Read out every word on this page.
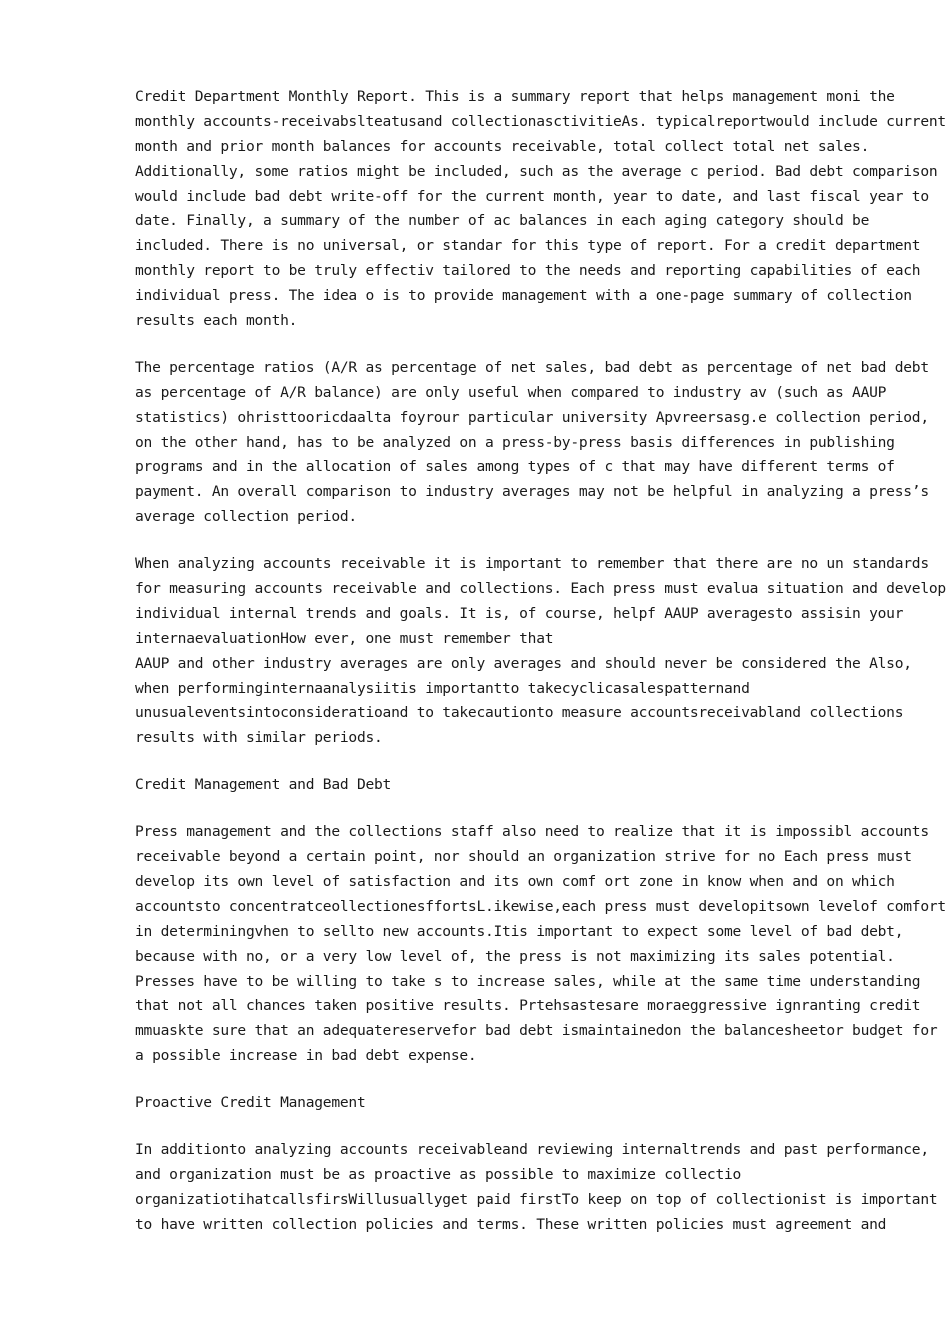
Credit Department Monthly Report. This is a summary report that helps management moni the
monthly accounts-receivabslteatusand collectionasctivitieAs. typicalreportwould include current
month and prior month balances for accounts receivable, total collect total net sales.
Additionally, some ratios might be included, such as the average c period. Bad debt comparison
would include bad debt write-off for the current month, year to date, and last fiscal year to
date. Finally, a summary of the number of ac balances in each aging category should be
included. There is no universal, or standar for this type of report. For a credit department
monthly report to be truly effectiv tailored to the needs and reporting capabilities of each
individual press. The idea o is to provide management with a one-page summary of collection
results each month.
The percentage ratios (A/R as percentage of net sales, bad debt as percentage of net bad debt
as percentage of A/R balance) are only useful when compared to industry av (such as AAUP
statistics) ohristtooricdaalta foyrour particular university Apvreersasg.e collection period,
on the other hand, has to be analyzed on a press-by-press basis differences in publishing
programs and in the allocation of sales among types of c that may have different terms of
payment. An overall comparison to industry averages may not be helpful in analyzing a press’s
average collection period.
When analyzing accounts receivable it is important to remember that there are no un standards
for measuring accounts receivable and collections. Each press must evalua situation and develop
individual internal trends and goals. It is, of course, helpf AAUP averagesto assisin your
internaevaluationHow ever, one must remember that
AAUP and other industry averages are only averages and should never be considered the Also,
when performinginternaanalysiitis importantto takecyclicasalespatternand
unusualeventsintoconsideratioand to takecautionto measure accountsreceivabland collections
results with similar periods.
Credit Management and Bad Debt
Press management and the collections staff also need to realize that it is impossibl accounts
receivable beyond a certain point, nor should an organization strive for no Each press must
develop its own level of satisfaction and its own comf ort zone in know when and on which
accountsto concentratceollectionesffortsL.ikewise,each press must developitsown levelof comfort
in determiningvhen to sellto new accounts.Itis important to expect some level of bad debt,
because with no, or a very low level of, the press is not maximizing its sales potential.
Presses have to be willing to take s to increase sales, while at the same time understanding
that not all chances taken positive results. Prtehsastesare moraeggressive ignranting credit
mmuaskte sure that an adequatereservefor bad debt ismaintainedon the balancesheetor budget for
a possible increase in bad debt expense.
Proactive Credit Management
In additionto analyzing accounts receivableand reviewing internaltrends and past performance,
and organization must be as proactive as possible to maximize collectio
organizatiotihatcallsfirsWillusuallyget paid firstTo keep on top of collectionist is important
to have written collection policies and terms. These written policies must agreement and
